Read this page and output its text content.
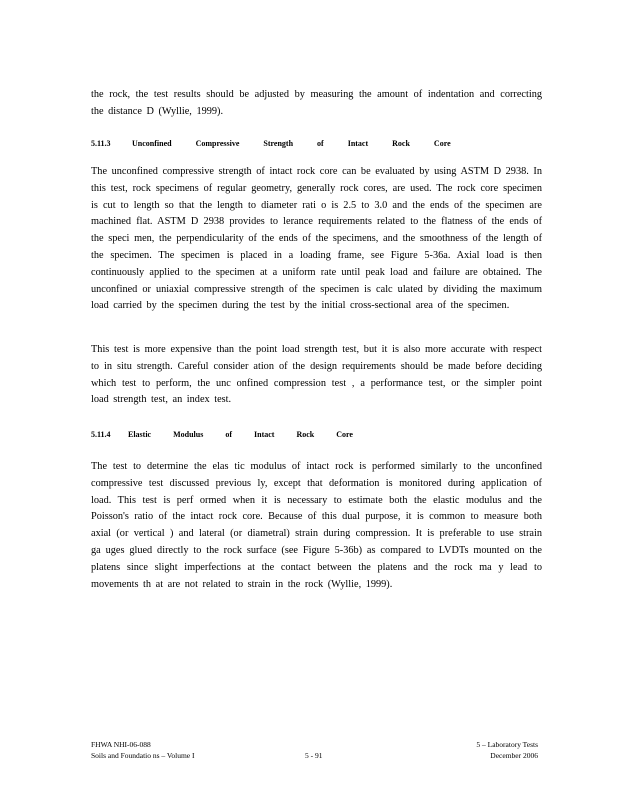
the rock, the test results should be adjusted by measuring the amount of indentation and correcting the distance D (Wyllie, 1999).

5.11.3	Unconfined Compressive Strength of Intact Rock Core

The unconfined compressive strength of intact rock core can be evaluated by using ASTM D 2938. In this test, rock specimens of regular geometry, generally rock cores, are used. The rock core specimen is cut to length so that the length to diameter rati o is 2.5 to 3.0 and the ends of the specimen are machined flat. ASTM D 2938 provides to lerance requirements related to the flatness of the ends of the speci men, the perpendicularity of the ends of the specimens, and the smoothness of the length of the specimen. The specimen is placed in a loading frame, see Figure 5-36a. Axial load is then continuously applied to the specimen at a uniform rate until peak load and failure are obtained. The unconfined or uniaxial compressive strength of the specimen is calc ulated by dividing the maximum load carried by the specimen during the test by the initial cross-sectional area of the specimen.

This test is more expensive than the point load strength test, but it is also more accurate with respect to in situ strength. Careful consider ation of the design requirements should be made before deciding which test to perform, the unc onfined compression test , a performance test, or the simpler point load strength test, an index test.

5.11.4 Elastic Modulus of Intact Rock Core

The test to determine the elas tic modulus of intact rock is performed similarly to the unconfined compressive test discussed previous ly, except that deformation is monitored during application of load. This test is perf ormed when it is necessary to estimate both the elastic modulus and the Poisson's ratio of the intact rock core. Because of this dual purpose, it is common to measure both axial (or vertical ) and lateral (or diametral) strain during compression. It is preferable to use strain ga uges glued directly to the rock surface (see Figure 5-36b) as compared to LVDTs mounted on the platens since slight imperfections at the contact between the platens and the rock ma y lead to movements th at are not related to strain in the rock (Wyllie, 1999).

FHWA NHI-06-088
Soils and Foundatio ns – Volume I	5 - 91
5 – Laboratory Tests
December 2006
